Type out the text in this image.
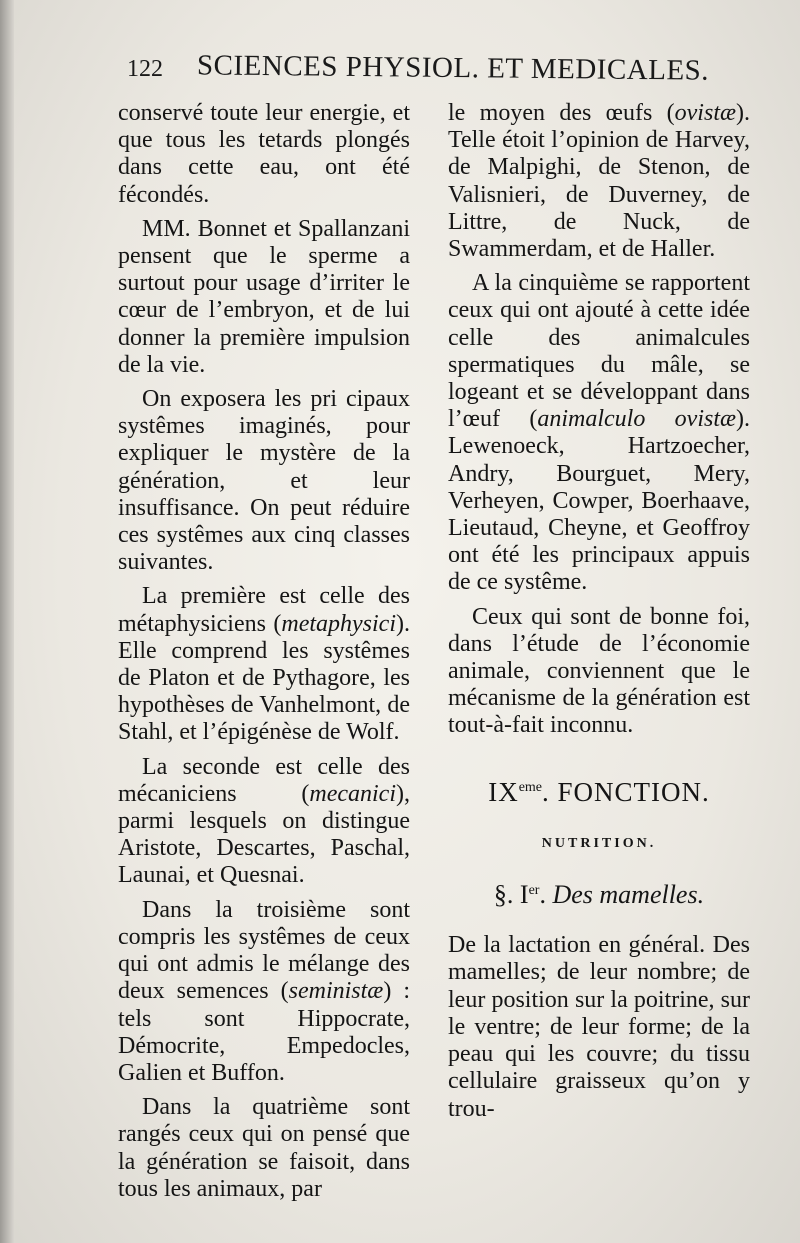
122 SCIENCES PHYSIOL. ET MEDICALES.

conservé toute leur energie, et que tous les tetards plongés dans cette eau, ont été fécondés.

MM. Bonnet et Spallanzani pensent que le sperme a surtout pour usage d’irriter le cœur de l’embryon, et de lui donner la première impulsion de la vie.

On exposera les pri cipaux systêmes imaginés, pour expliquer le mystère de la génération, et leur insuffisance. On peut réduire ces systêmes aux cinq classes suivantes.

La première est celle des métaphysiciens (metaphysici). Elle comprend les systêmes de Platon et de Pythagore, les hypothèses de Vanhelmont, de Stahl, et l’épigénèse de Wolf.

La seconde est celle des mécaniciens (mecanici), parmi lesquels on distingue Aristote, Descartes, Paschal, Launai, et Quesnai.

Dans la troisième sont compris les systêmes de ceux qui ont admis le mélange des deux semences (seministæ) : tels sont Hippocrate, Démocrite, Empedocles, Galien et Buffon.

Dans la quatrième sont rangés ceux qui on pensé que la génération se faisoit, dans tous les animaux, par

le moyen des œufs (ovistæ). Telle étoit l’opinion de Harvey, de Malpighi, de Stenon, de Valisnieri, de Duverney, de Littre, de Nuck, de Swammerdam, et de Haller.

A la cinquième se rapportent ceux qui ont ajouté à cette idée celle des animalcules spermatiques du mâle, se logeant et se développant dans l’œuf (animalculo ovistæ). Lewenoeck, Hartzoecher, Andry, Bourguet, Mery, Verheyen, Cowper, Boerhaave, Lieutaud, Cheyne, et Geoffroy ont été les principaux appuis de ce systême.

Ceux qui sont de bonne foi, dans l’étude de l’économie animale, conviennent que le mécanisme de la génération est tout-à-fait inconnu.

IXeme. FONCTION.
NUTRITION.
§. Ier. Des mamelles.

De la lactation en général. Des mamelles; de leur nombre; de leur position sur la poitrine, sur le ventre; de leur forme; de la peau qui les couvre; du tissu cellulaire graisseux qu’on y trou-
